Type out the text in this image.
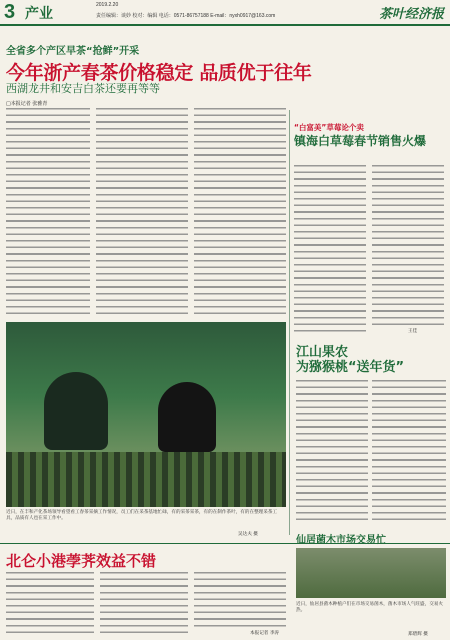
3 产业
2019.2.20
责任编辑：谈妙 校对：编辑 电话：0571-86757188 E-mail：nyxh0917@163.com	茶叶经济报
全省多个产区早茶“抢鲜”开采
今年浙产春茶价格稳定 品质优于往年
西湖龙井和安吉白茶还要再等等
□本报记者 张雅青
近日，在丰和产化茶场领导看望看工春茶采摘工作情况，员工们在采茶基地忙碌，有的采茶采茶，有的在制作茶叶，有的在整理采茶工具，品质有人也在采工作中。
吴达夫 摄
“白富美”草莓论个卖
镇海白草莓春节销售火爆
王佳
江山果农
为猕猴桃“送年货”
北仑小港荸荠效益不错
本报记者 李涛
仙居菌木市场交易忙
近日，仙居县菌木种植户们在市场交易菌木，菌木市场人气旺盛，交易火热。
郑碧辉 摄
